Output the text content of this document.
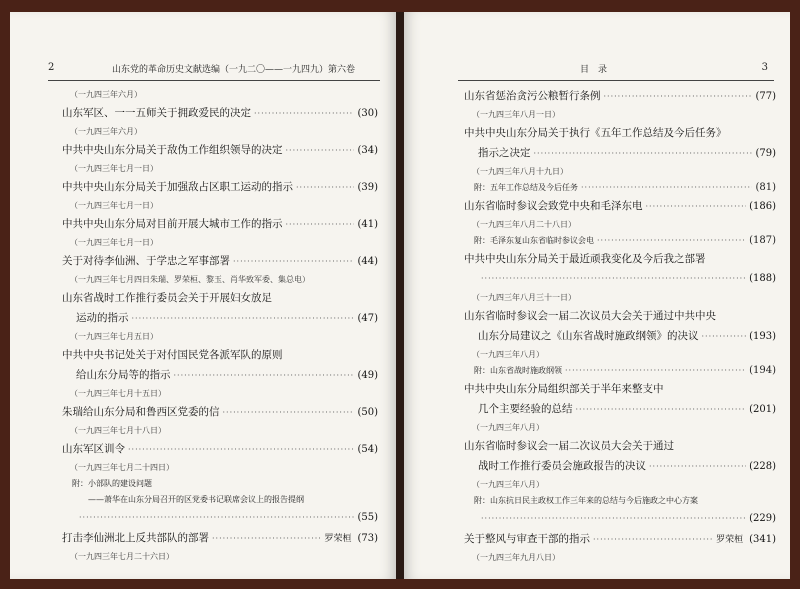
2	山东党的革命历史文献选编（一九二〇——一九四九）第六卷
（一九四三年六月）
山东军区、一一五师关于拥政爱民的决定 ·····	(30)
（一九四三年六月）
中共中央山东分局关于敌伪工作组织领导的决定 ·····	(34)
（一九四三年七月一日）
中共中央山东分局关于加强敌占区职工运动的指示 ·····	(39)
（一九四三年七月一日）
中共中央山东分局对目前开展大城市工作的指示 ·····	(41)
（一九四三年七月一日）
关于对待李仙洲、于学忠之军事部署 ·····	(44)
（一九四三年七月四日朱瑞、罗荣桓、黎玉、肖华致军委、集总电）
山东省战时工作推行委员会关于开展妇女放足
运动的指示 ·····	(47)
（一九四三年七月五日）
中共中央书记处关于对付国民党各派军队的原则
给山东分局等的指示 ·····	(49)
（一九四三年七月十五日）
朱瑞给山东分局和鲁西区党委的信 ·····	(50)
（一九四三年七月十八日）
山东军区训令 ·····	(54)
（一九四三年七月二十四日）
附：小部队的建设问题
——萧华在山东分局召开的区党委书记联席会议上的报告提纲
·····
(55)
打击李仙洲北上反共部队的部署 ·····	罗荣桓 (73)
（一九四三年七月二十六日）
目　录	3
山东省惩治贪污公粮暂行条例 ·····	(77)
（一九四三年八月一日）
中共中央山东分局关于执行《五年工作总结及今后任务》
指示之决定 ·····	(79)
（一九四三年八月十九日）
附：五年工作总结及今后任务 ·····	(81)
山东省临时参议会致党中央和毛泽东电 ·····	(186)
（一九四三年八月二十八日）
附：毛泽东复山东省临时参议会电 ·····	(187)
中共中央山东分局关于最近顽我变化及今后我之部署
·····
(188)
（一九四三年八月三十一日）
山东省临时参议会一届二次议员大会关于通过中共中央
山东分局建议之《山东省战时施政纲领》的决议 ·····	(193)
（一九四三年八月）
附：山东省战时施政纲领 ·····	(194)
中共中央山东分局组织部关于半年来整支中
几个主要经验的总结 ·····	(201)
（一九四三年八月）
山东省临时参议会一届二次议员大会关于通过
战时工作推行委员会施政报告的决议 ·····	(228)
（一九四三年八月）
附：山东抗日民主政权工作三年来的总结与今后施政之中心方案
·····
(229)
关于整风与审查干部的指示 ·····	罗荣桓 (341)
（一九四三年九月八日）
